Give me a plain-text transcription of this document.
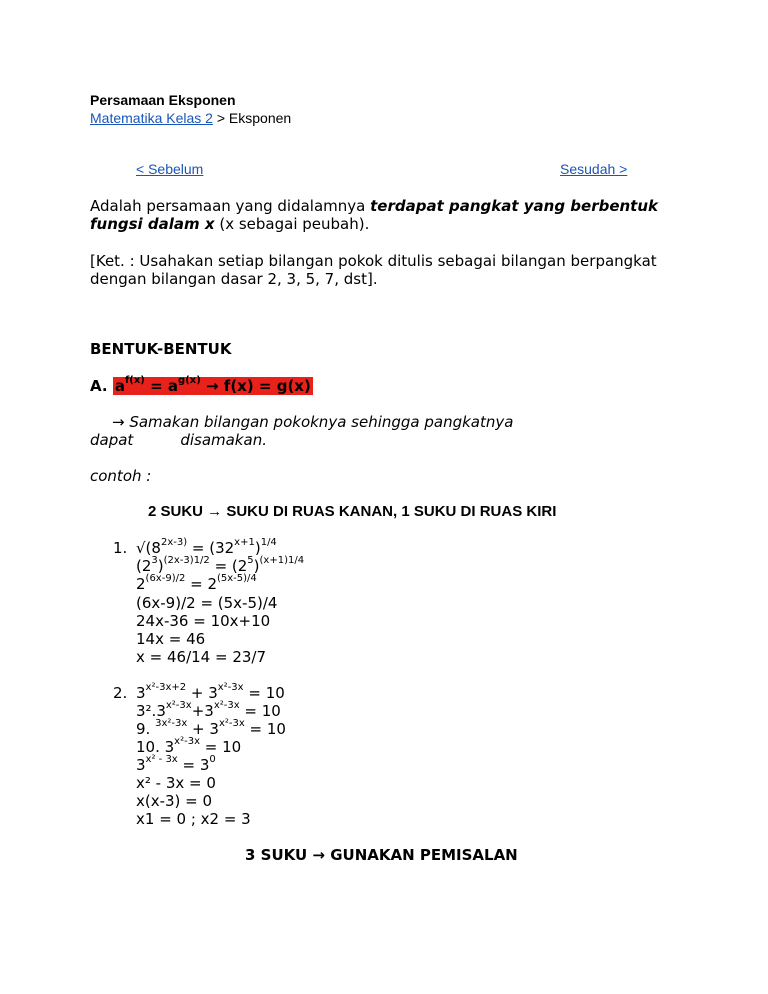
Persamaan Eksponen
Matematika Kelas 2 > Eksponen
< Sebelum	Sesudah >
Adalah persamaan yang didalamnya terdapat pangkat yang berbentuk
fungsi dalam x (x sebagai peubah).
[Ket. : Usahakan setiap bilangan pokok ditulis sebagai bilangan berpangkat
dengan bilangan dasar 2, 3, 5, 7, dst].
BENTUK-BENTUK
A. $a^{f(x)} = a^{g(x)} \to f(x) = g(x)$
→ Samakan bilangan pokoknya sehingga pangkatnya
dapat	disamakan.
contoh :
2 SUKU → SUKU DI RUAS KANAN, 1 SUKU DI RUAS KIRI
1. $√(8^{2x-3)} = (32^{x+1})^{1/4}$
$(2^3)^{(2x-3)1/2} = (2^5)^{(x+1)1/4}$
$2^{(6x-9)/2} = 2^{(5x-5)/4}$
(6x-9)/2 = (5x-5)/4
24x-36 = 10x+10
14x = 46
x = 46/14 = 23/7
2. $3^{x^2-3x+2} + 3^{x^2-3x} = 10$
$3^2.3^{x^2-3x}+3^{x^2-3x} = 10$
9. $^{3x^2-3x} + 3^{x^2-3x} = 10$
10. $3^{x^2-3x} = 10$
$3^{x^2 - 3x} = 3^0$
x² - 3x = 0
x(x-3) = 0
x1 = 0 ; x2 = 3
3 SUKU → GUNAKAN PEMISALAN
